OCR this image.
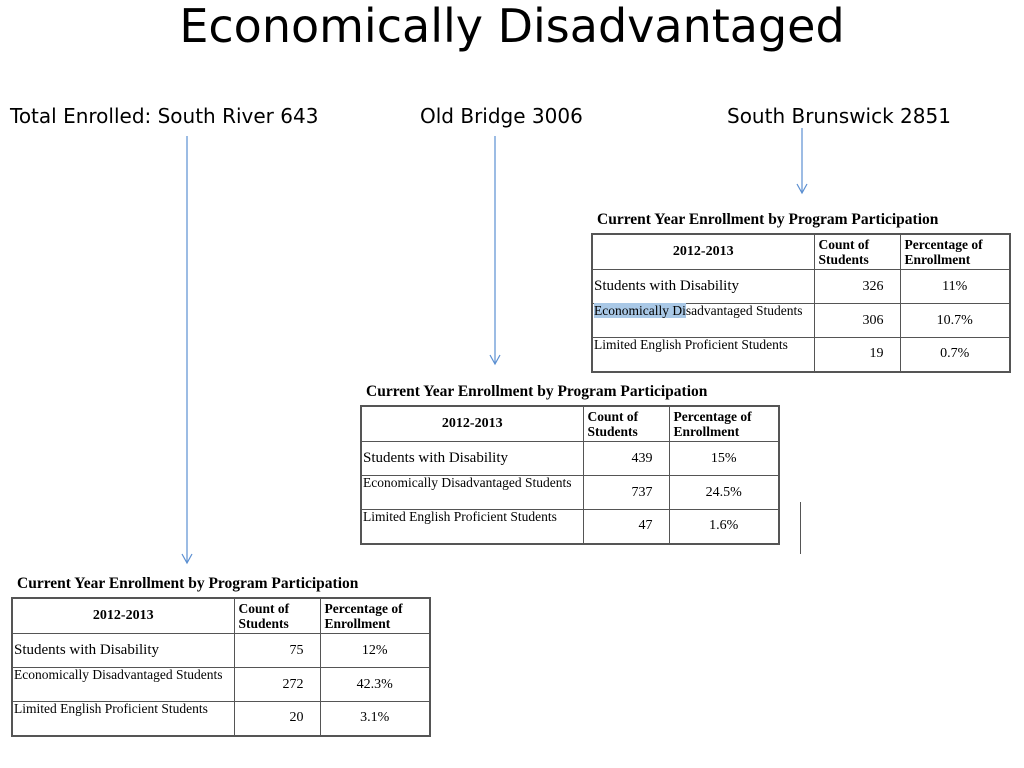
Economically Disadvantaged
Total Enrolled: South River 643	Old Bridge 3006	South Brunswick 2851
Current Year Enrollment by Program Participation
2012-2013	Count of Students	Percentage of Enrollment
Students with Disability	326	11%
Economically Disadvantaged Students	306	10.7%
Limited English Proficient Students	19	0.7%
Current Year Enrollment by Program Participation
2012-2013	Count of Students	Percentage of Enrollment
Students with Disability	439	15%
Economically Disadvantaged Students	737	24.5%
Limited English Proficient Students	47	1.6%
Current Year Enrollment by Program Participation
2012-2013	Count of Students	Percentage of Enrollment
Students with Disability	75	12%
Economically Disadvantaged Students	272	42.3%
Limited English Proficient Students	20	3.1%
